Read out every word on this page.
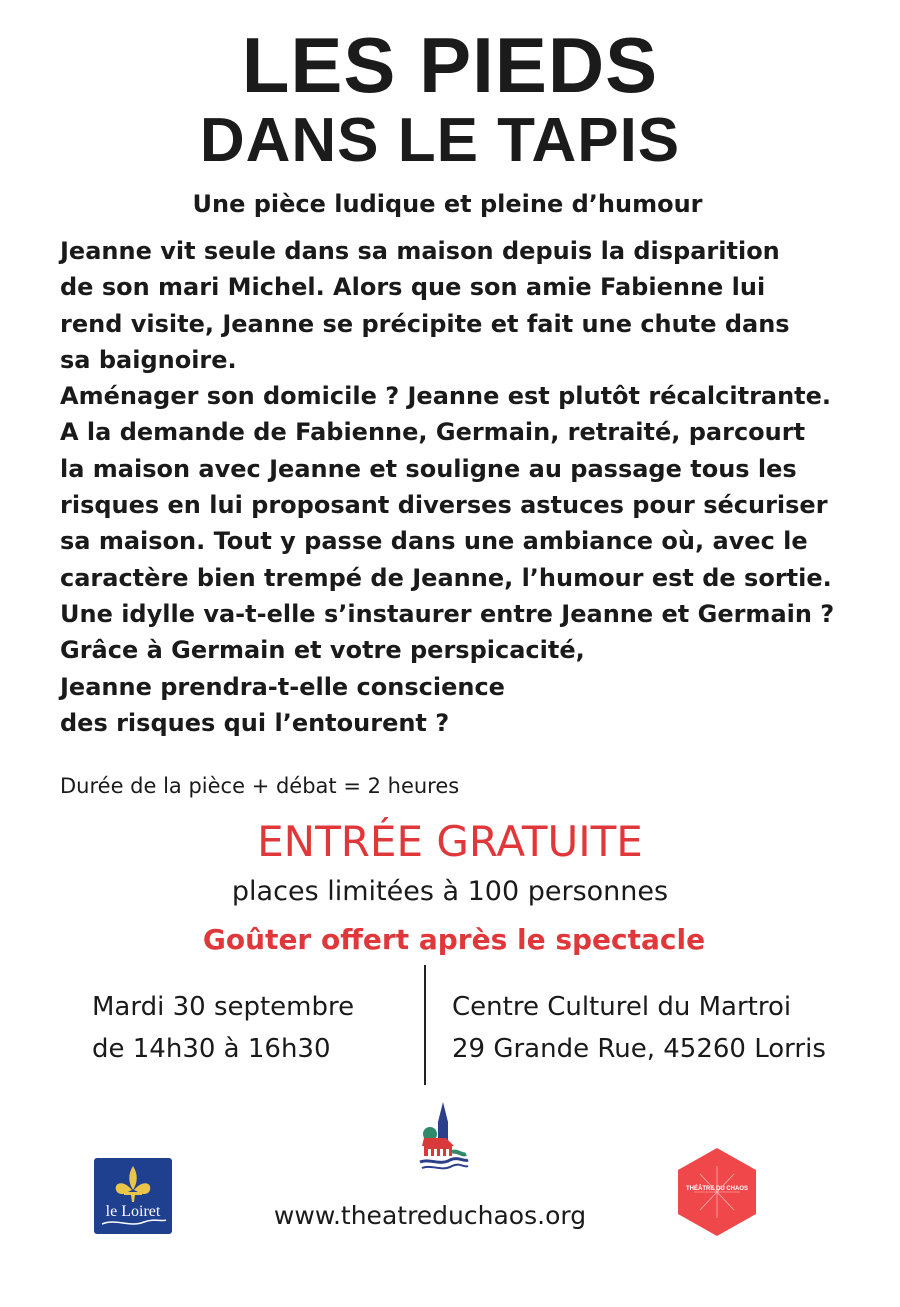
LES PIEDS
DANS LE TAPIS
Une pièce ludique et pleine d’humour
Jeanne vit seule dans sa maison depuis la disparition
de son mari Michel. Alors que son amie Fabienne lui
rend visite, Jeanne se précipite et fait une chute dans
sa baignoire.
Aménager son domicile ? Jeanne est plutôt récalcitrante.
A la demande de Fabienne, Germain, retraité, parcourt
la maison avec Jeanne et souligne au passage tous les
risques en lui proposant diverses astuces pour sécuriser
sa maison. Tout y passe dans une ambiance où, avec le
caractère bien trempé de Jeanne, l’humour est de sortie.
Une idylle va-t-elle s’instaurer entre Jeanne et Germain ?
Grâce à Germain et votre perspicacité,
Jeanne prendra-t-elle conscience
des risques qui l’entourent ?
Durée de la pièce + débat = 2 heures
ENTRÉE GRATUITE
places limitées à 100 personnes
Goûter offert après le spectacle
Mardi 30 septembre
de 14h30 à 16h30
Centre Culturel du Martroi
29 Grande Rue, 45260 Lorris
le Loiret
THÉÂTRE DU CHAOS
www.theatreduchaos.org
